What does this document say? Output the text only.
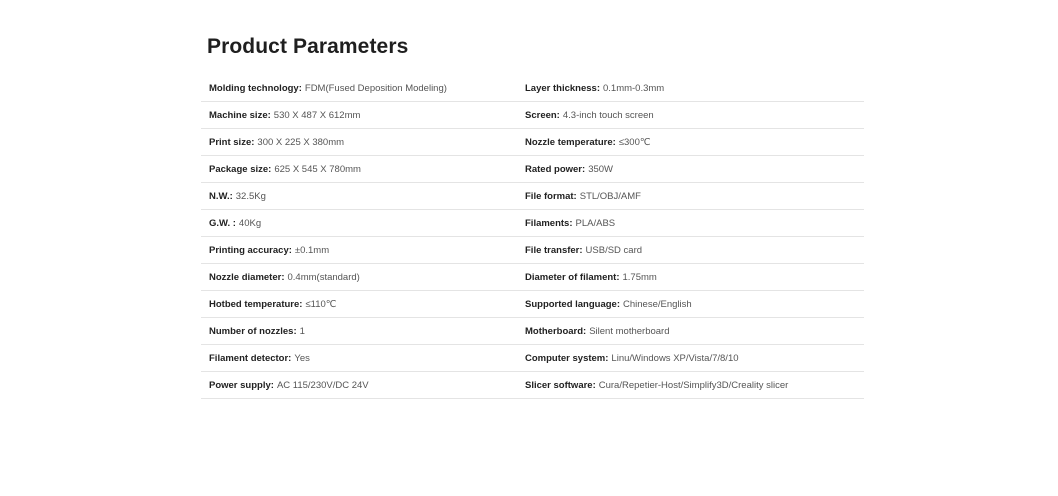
Product Parameters
Molding technology: FDM(Fused Deposition Modeling)	Layer thickness: 0.1mm-0.3mm
Machine size: 530 X 487 X 612mm	Screen: 4.3-inch touch screen
Print size: 300 X 225 X 380mm	Nozzle temperature: ≤300℃
Package size: 625 X 545 X 780mm	Rated power: 350W
N.W.: 32.5Kg	File format: STL/OBJ/AMF
G.W. : 40Kg	Filaments: PLA/ABS
Printing accuracy: ±0.1mm	File transfer: USB/SD card
Nozzle diameter: 0.4mm(standard)	Diameter of filament: 1.75mm
Hotbed temperature: ≤110℃	Supported language: Chinese/English
Number of nozzles: 1	Motherboard: Silent motherboard
Filament detector: Yes	Computer system: Linu/Windows XP/Vista/7/8/10
Power supply: AC 115/230V/DC 24V	Slicer software: Cura/Repetier-Host/Simplify3D/Creality slicer
